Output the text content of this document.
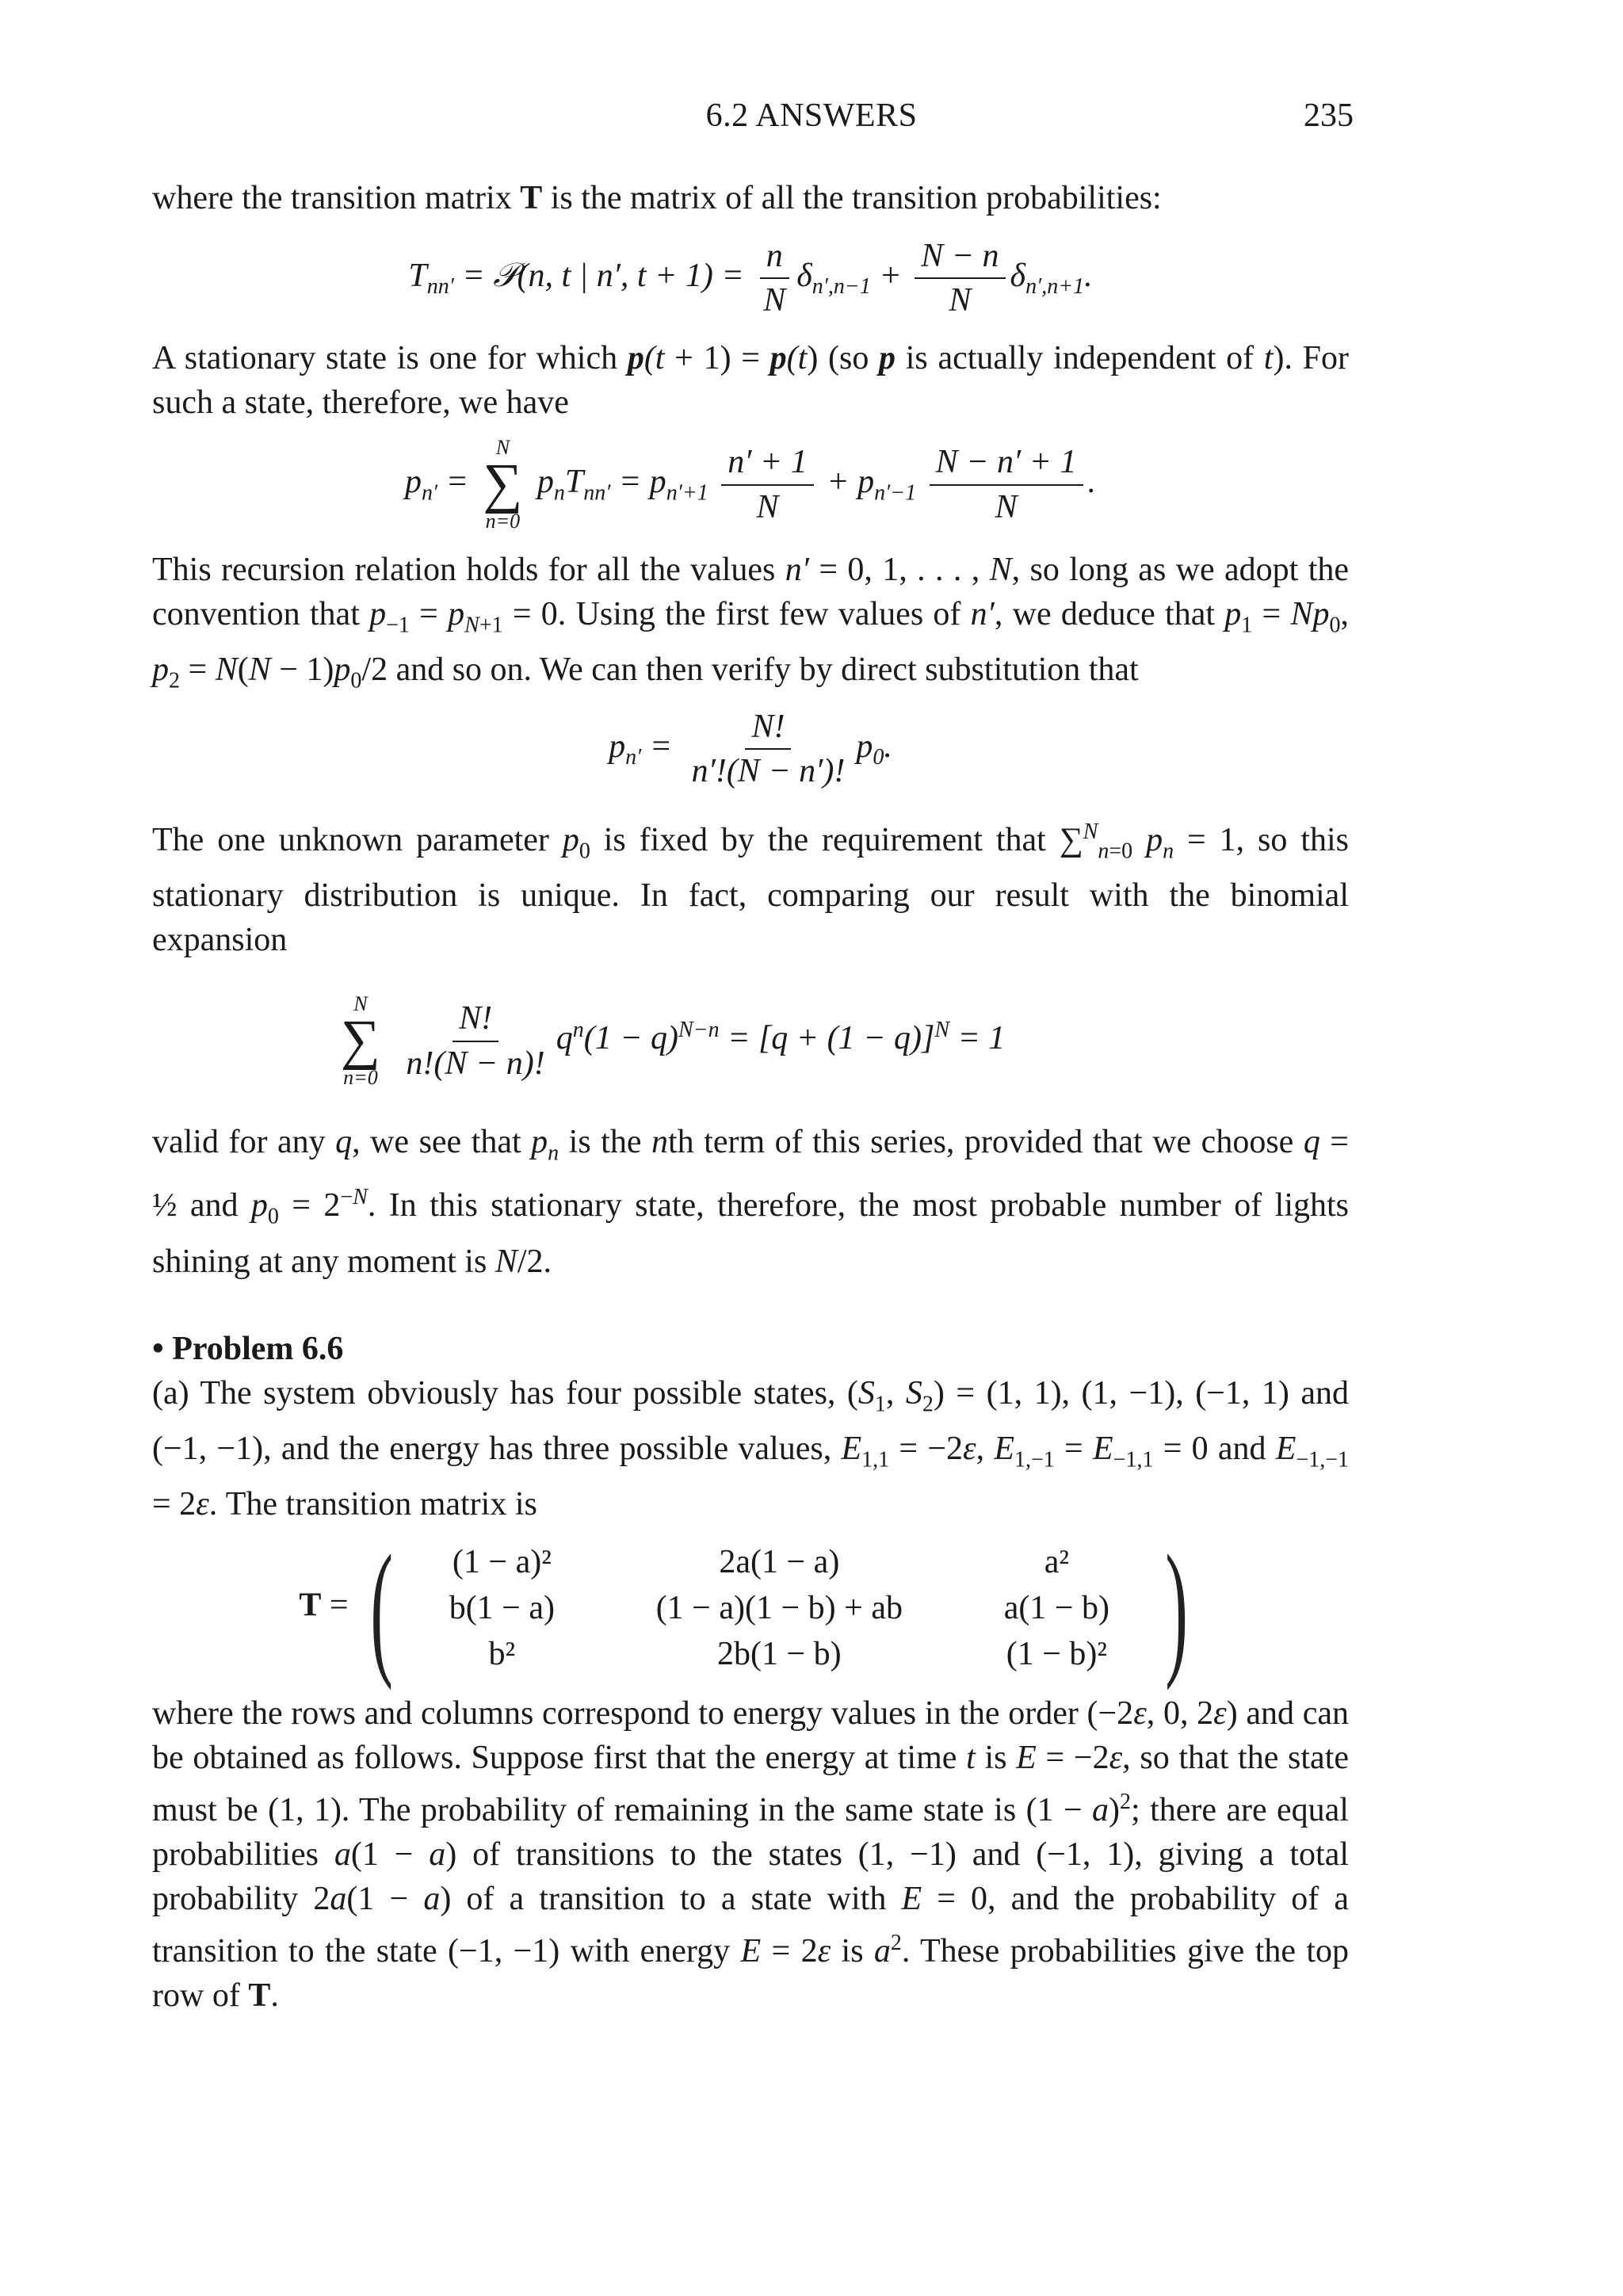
6.2 ANSWERS	235

where the transition matrix T is the matrix of all the transition probabilities:

$T_{nn'}$ = 𝒫(n, t | n′, $t + 1) = \frac{n}{N} \delta_{n',n-1} + \frac{N - n}{N} \delta_{n',n+1}$.

A stationary state is one for which p(t + 1) = p(t) (so p is actually independent of t). For such a state, therefore, we have

$p_{n'}$ =
N
∑
n=0
$p_nT_{nn'} = p_{n'+1} \frac{n' + 1}{N} + p_{n'-1} \frac{N - n' + 1}{N}$ .

This recursion relation holds for all the values n′ = 0, 1, . . . , N, so long as we adopt the convention that $p_{-1} = p_{N+1} = 0$. Using the first few values of n′, we deduce that $p_1 = Np_0$, $p_2 = N(N - 1)p_0/2$ and so on. We can then verify by direct substitution that

$p_{n'} = \frac{N!}{n'!(N - n')!} p_0$.

The one unknown parameter $p_0$ is fixed by the requirement that ∑$^N_{n=0}$ $p_n = 1$, so this stationary distribution is unique. In fact, comparing our result with the binomial expansion

N
∑
n=0
$\frac{N!}{n!(N - n)!} q^n(1 - q)^{N-n} = [q + (1 - q)]^N = 1$

valid for any q, we see that $p_n$ is the nth term of this series, provided that we choose q = ½ and $p_0 = 2^{-N}$. In this stationary state, therefore, the most probable number of lights shining at any moment is N/2.

• Problem 6.6

(a) The system obviously has four possible states, ($S_1$, $S_2) = (1$, 1), (1, −1), (−1, 1) and (−1, −1), and the energy has three possible values, $E_{1,1} = -2\varepsilon$, $E_{1,-1} = E_{-1,1} = 0$ and $E_{-1,-1} = 2\varepsilon$. The transition matrix is

T = (	(1 − a)²	2a(1 − a)	a²
b(1 − a)	(1 − a)(1 − b) + ab	a(1 − b)
b²	2b(1 − b)	(1 − b)² )

where the rows and columns correspond to energy values in the order (−2ε, 0, 2ε) and can be obtained as follows. Suppose first that the energy at time t is E = −2ε, so that the state must be (1, 1). The probability of remaining in the same state is $(1 - a)^2$; there are equal probabilities a(1 − a) of transitions to the states (1, −1) and (−1, 1), giving a total probability 2a(1 − a) of a transition to a state with E = 0, and the probability of a transition to the state (−1, −1) with energy E = 2ε is $a^2$. These probabilities give the top row of T.
